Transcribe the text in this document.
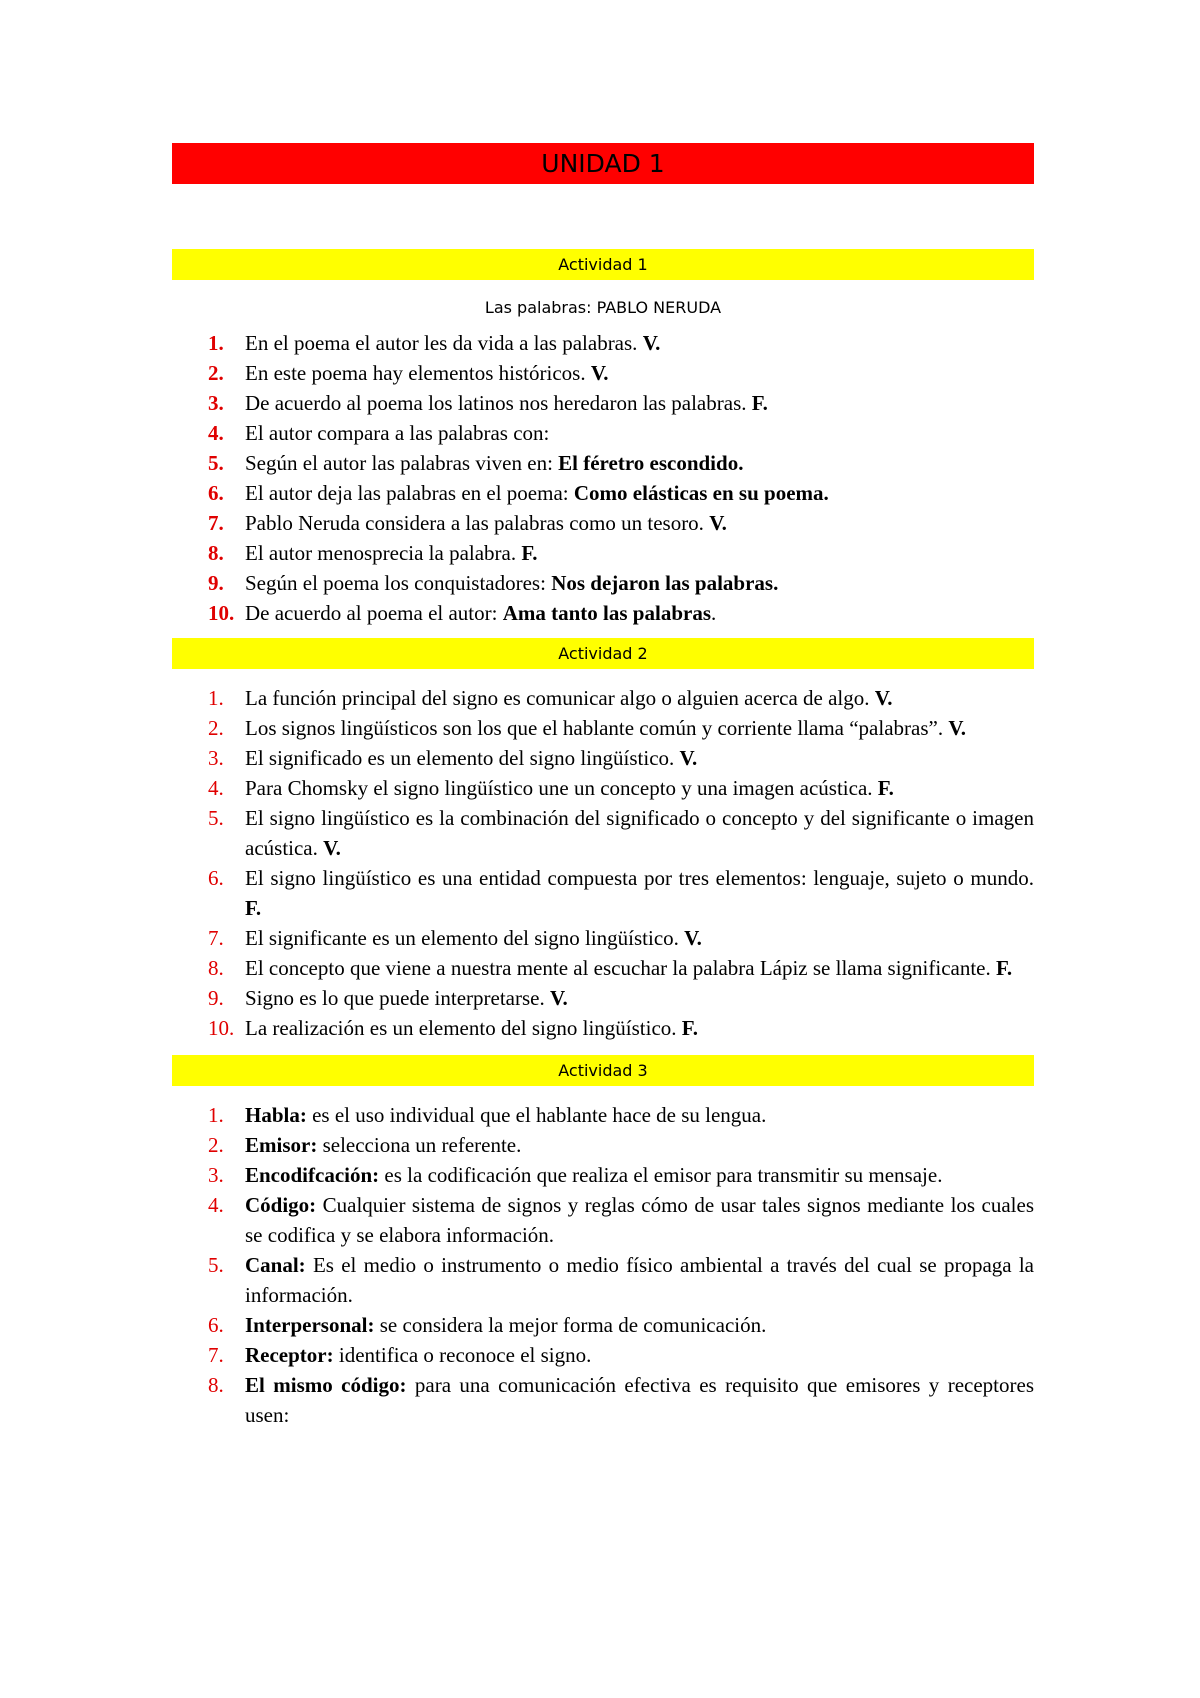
UNIDAD 1
Actividad 1
Las palabras: PABLO NERUDA
1. En el poema el autor les da vida a las palabras. V.
2. En este poema hay elementos históricos. V.
3. De acuerdo al poema los latinos nos heredaron las palabras. F.
4. El autor compara a las palabras con:
5. Según el autor las palabras viven en: El féretro escondido.
6. El autor deja las palabras en el poema: Como elásticas en su poema.
7. Pablo Neruda considera a las palabras como un tesoro. V.
8. El autor menosprecia la palabra. F.
9. Según el poema los conquistadores: Nos dejaron las palabras.
10. De acuerdo al poema el autor: Ama tanto las palabras.
Actividad 2
1. La función principal del signo es comunicar algo o alguien acerca de algo. V.
2. Los signos lingüísticos son los que el hablante común y corriente llama “palabras”. V.
3. El significado es un elemento del signo lingüístico. V.
4. Para Chomsky el signo lingüístico une un concepto y una imagen acústica. F.
5. El signo lingüístico es la combinación del significado o concepto y del significante o imagen acústica. V.
6. El signo lingüístico es una entidad compuesta por tres elementos: lenguaje, sujeto o mundo. F.
7. El significante es un elemento del signo lingüístico. V.
8. El concepto que viene a nuestra mente al escuchar la palabra Lápiz se llama significante. F.
9. Signo es lo que puede interpretarse. V.
10. La realización es un elemento del signo lingüístico. F.
Actividad 3
1. Habla: es el uso individual que el hablante hace de su lengua.
2. Emisor: selecciona un referente.
3. Encodifcación: es la codificación que realiza el emisor para transmitir su mensaje.
4. Código: Cualquier sistema de signos y reglas cómo de usar tales signos mediante los cuales se codifica y se elabora información.
5. Canal: Es el medio o instrumento o medio físico ambiental a través del cual se propaga la información.
6. Interpersonal: se considera la mejor forma de comunicación.
7. Receptor: identifica o reconoce el signo.
8. El mismo código: para una comunicación efectiva es requisito que emisores y receptores usen:
